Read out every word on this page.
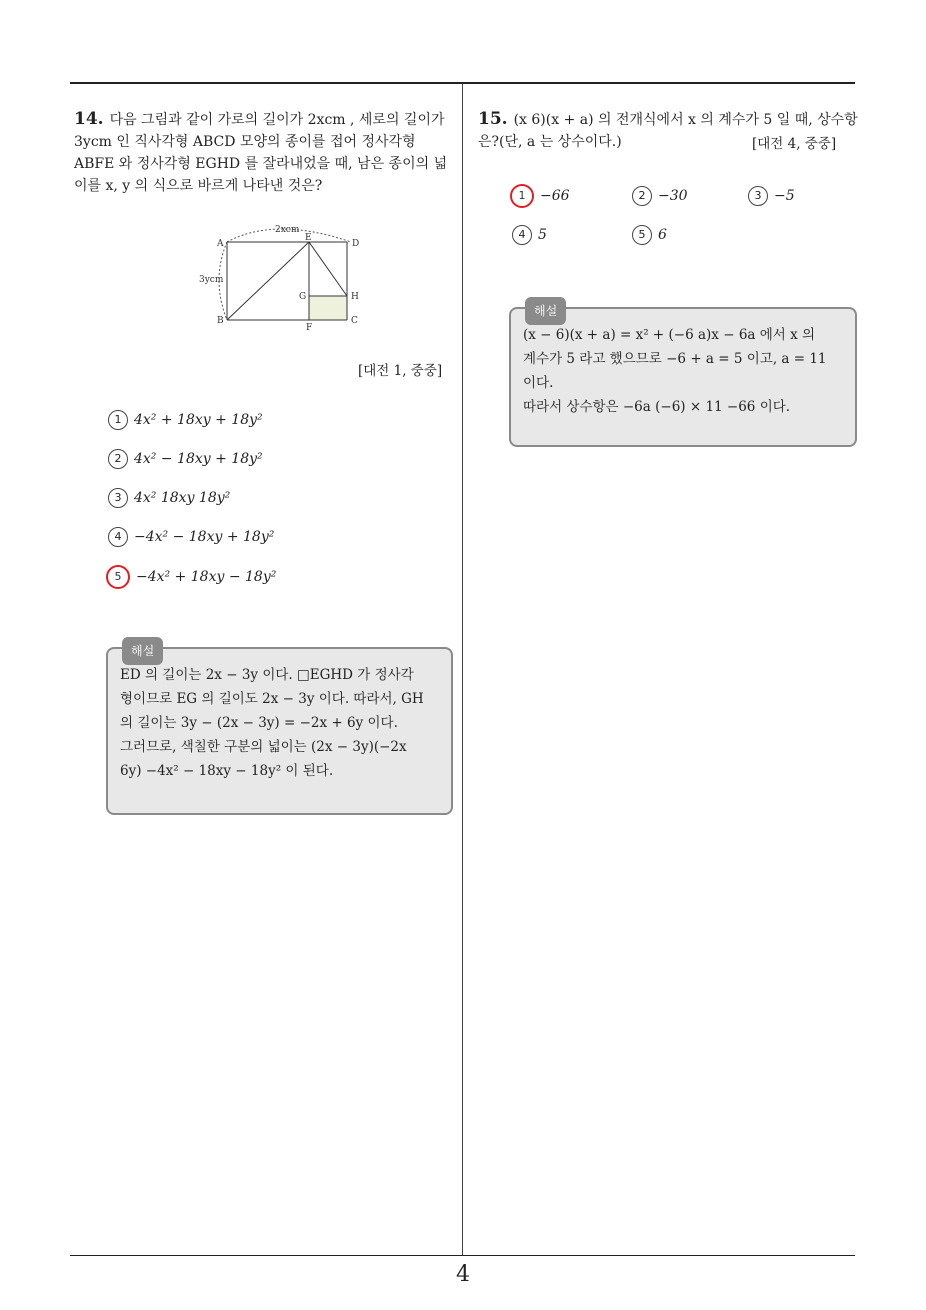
14. 다음 그림과 같이 가로의 길이가 2xcm , 세로의 길이가 3ycm 인 직사각형 ABCD 모양의 종이를 접어 정사각형 ABFE 와 정사각형 EGHD 를 잘라내었을 때, 남은 종이의 넓이를 x, y 의 식으로 바르게 나타낸 것은?
A
E
D
B
F
C
G	H
2xcm
3ycm
[대전 1, 중중]
1 4x² + 18xy + 18y²
2 4x² − 18xy + 18y²
3 4x² 18xy 18y²
4 −4x² − 18xy + 18y²
5 −4x² + 18xy − 18y²
해설
ED 의 길이는 2x − 3y 이다. □EGHD 가 정사각
형이므로 EG 의 길이도 2x − 3y 이다. 따라서, GH
의 길이는 3y − (2x − 3y) = −2x + 6y 이다.
그러므로, 색칠한 구분의 넓이는 (2x − 3y)(−2x
6y) −4x² − 18xy − 18y² 이 된다.
15. (x 6)(x + a) 의 전개식에서 x 의 계수가 5 일 때, 상수항은?(단, a 는 상수이다.)	[대전 4, 중중]
1 −66	2 −30	3 −5
4 5	5 6
해설
(x − 6)(x + a) = x² + (−6 a)x − 6a 에서 x 의
계수가 5 라고 했으므로 −6 + a = 5 이고, a = 11
이다.
따라서 상수항은 −6a (−6) × 11 −66 이다.
4
